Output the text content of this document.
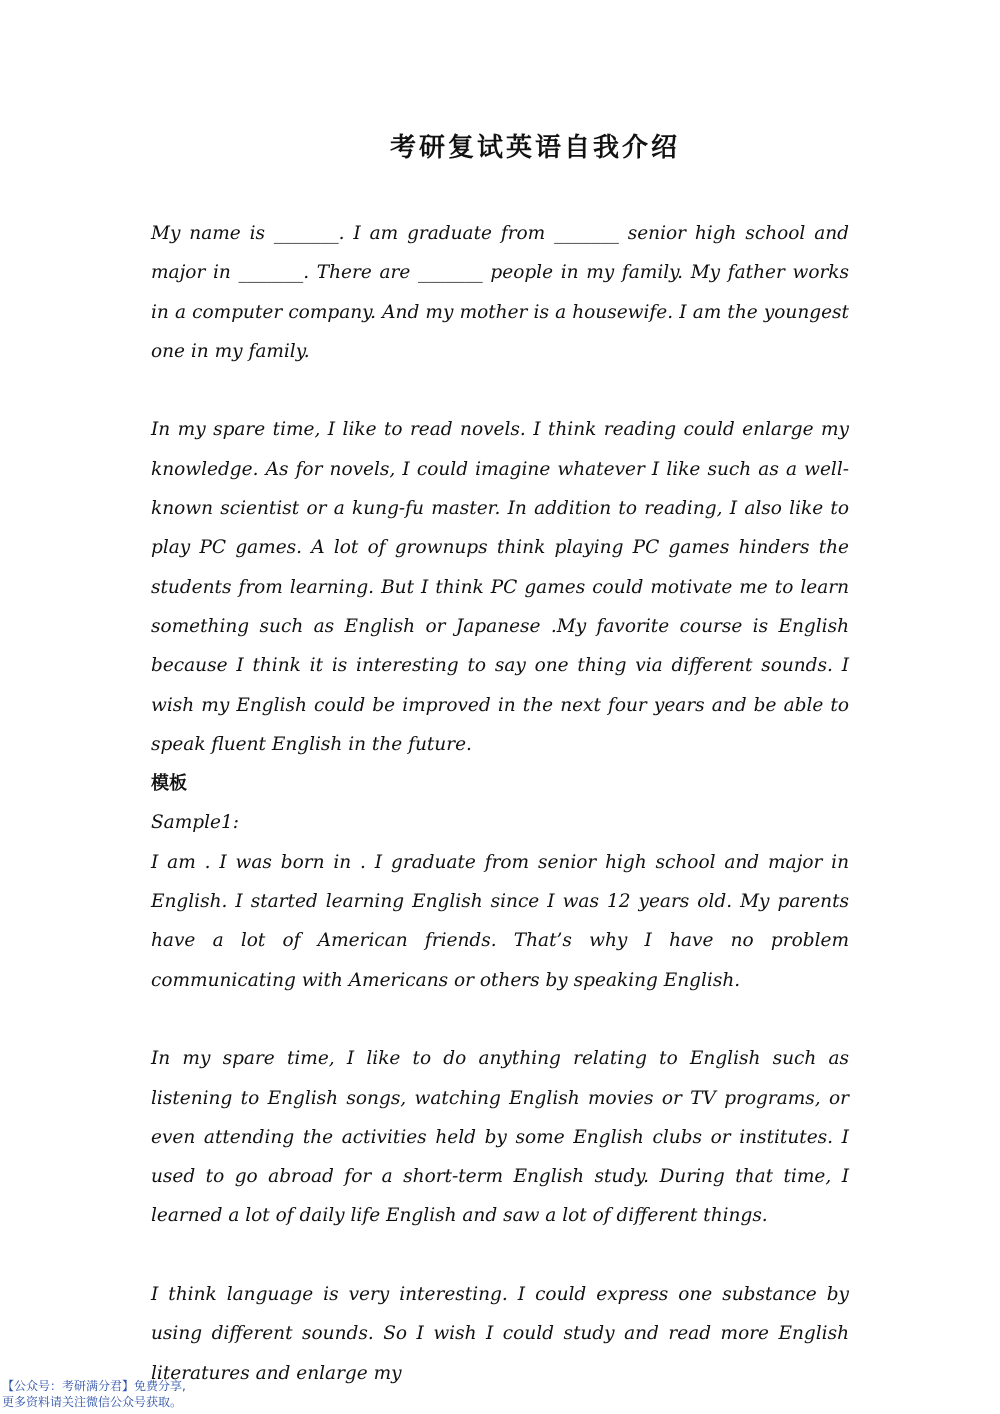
考研复试英语自我介绍

My name is _______. I am graduate from _______ senior high school and major in _______. There are _______ people in my family. My father works in a computer company. And my mother is a housewife. I am the youngest one in my family.

In my spare time, I like to read novels. I think reading could enlarge my knowledge. As for novels, I could imagine whatever I like such as a well-known scientist or a kung-fu master. In addition to reading, I also like to play PC games. A lot of grownups think playing PC games hinders the students from learning. But I think PC games could motivate me to learn something such as English or Japanese .My favorite course is English because I think it is interesting to say one thing via different sounds. I wish my English could be improved in the next four years and be able to speak fluent English in the future.

模板

Sample1:

I am . I was born in . I graduate from senior high school and major in English. I started learning English since I was 12 years old. My parents have a lot of American friends. That’s why I have no problem communicating with Americans or others by speaking English.

In my spare time, I like to do anything relating to English such as listening to English songs, watching English movies or TV programs, or even attending the activities held by some English clubs or institutes. I used to go abroad for a short-term English study. During that time, I learned a lot of daily life English and saw a lot of different things.

I think language is very interesting. I could express one substance by using different sounds. So I wish I could study and read more English literatures and enlarge my

【公众号：考研满分君】免费分享,
更多资料请关注微信公众号获取。
